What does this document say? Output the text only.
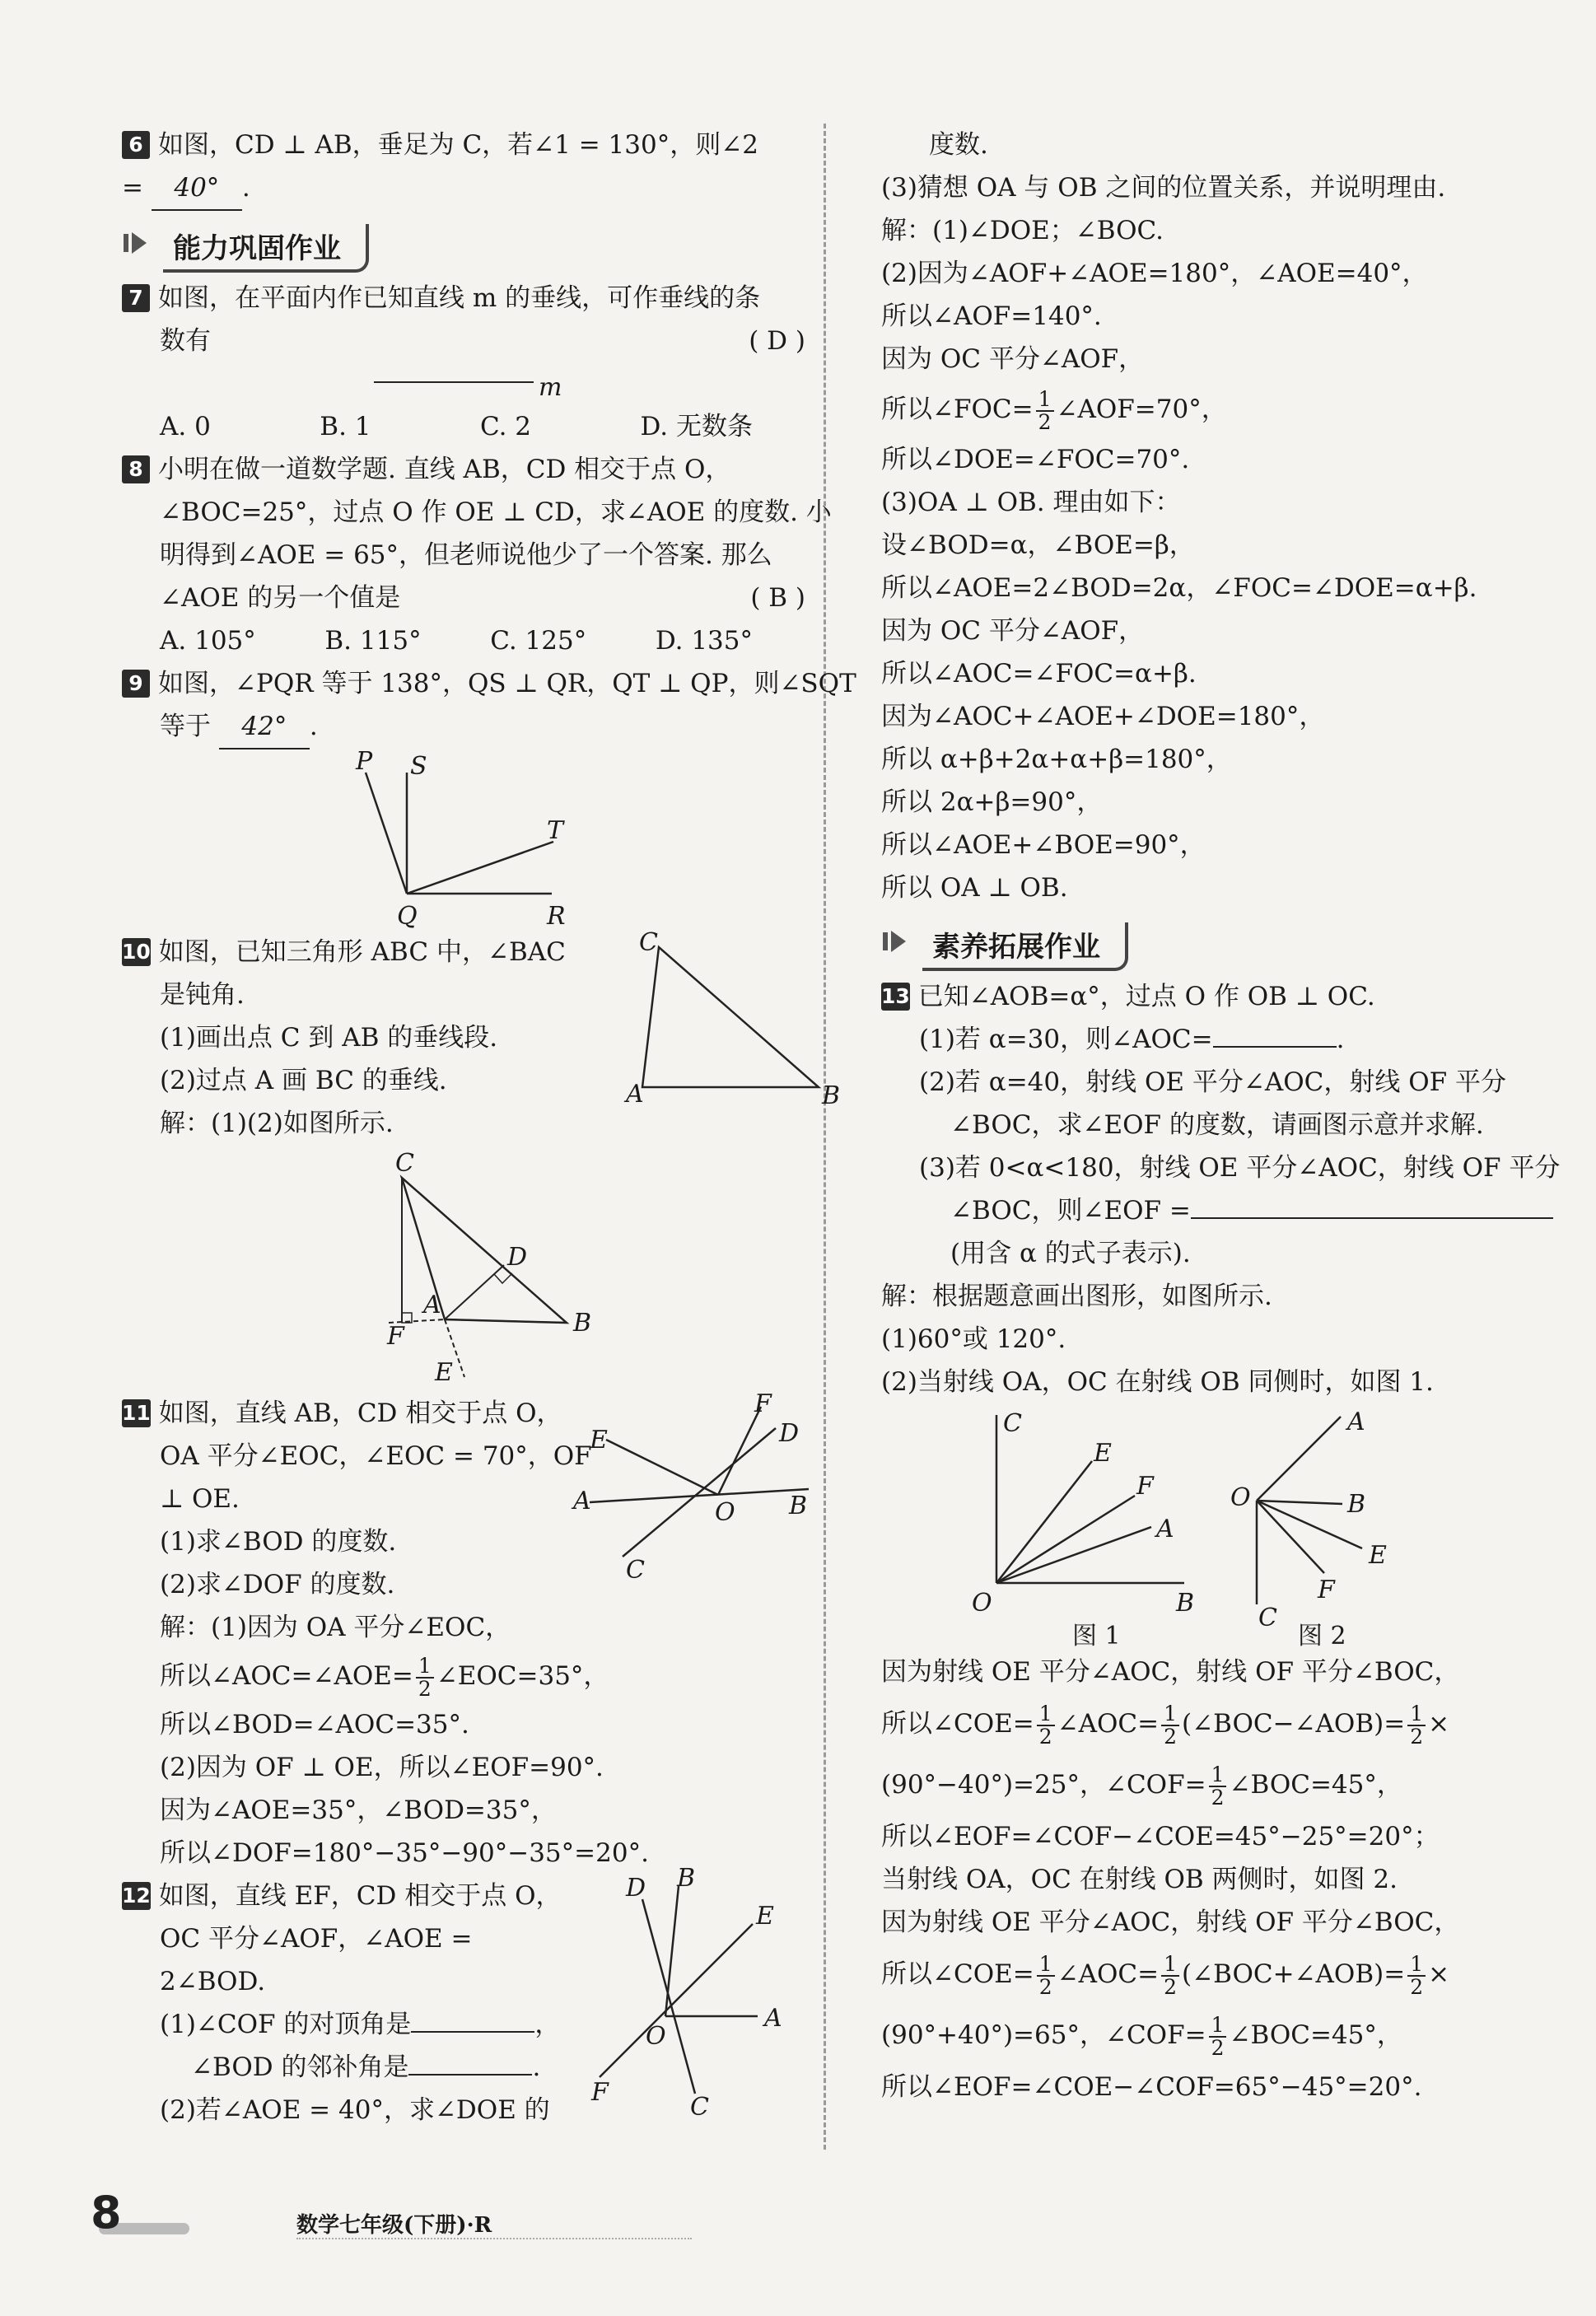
6 如图，CD ⊥ AB，垂足为 C，若∠1 = 130°，则∠2
= 40° .
能力巩固作业
7 如图，在平面内作已知直线 m 的垂线，可作垂线的条
数有	( D )
m
A. 0	B. 1	C. 2	D. 无数条
8 小明在做一道数学题. 直线 AB，CD 相交于点 O，
∠BOC=25°，过点 O 作 OE ⊥ CD，求∠AOE 的度数. 小
明得到∠AOE = 65°，但老师说他少了一个答案. 那么
∠AOE 的另一个值是	( B )
A. 105°	B. 115°	C. 125°	D. 135°
9 如图，∠PQR 等于 138°，QS ⊥ QR，QT ⊥ QP，则∠SQT
等于 42° .
P S
T
Q	R
10 如图，已知三角形 ABC 中，∠BAC
是钝角.
(1)画出点 C 到 AB 的垂线段.
(2)过点 A 画 BC 的垂线.
解：(1)(2)如图所示.
C
A	B
C
A
B
D
E
F
11 如图，直线 AB，CD 相交于点 O，
OA 平分∠EOC，∠EOC = 70°，OF
⊥ OE.
(1)求∠BOD 的度数.
(2)求∠DOF 的度数.
E
F
D
A	O B
C
解：(1)因为 OA 平分∠EOC，
所以∠AOC=∠AOE= $\frac{1}{2}$ ∠EOC=35°，
所以∠BOD=∠AOC=35°.
(2)因为 OF ⊥ OE，所以∠EOF=90°.
因为∠AOE=35°，∠BOD=35°，
所以∠DOF=180°−35°−90°−35°=20°.
12 如图，直线 EF，CD 相交于点 O，
OC 平分∠AOF，∠AOE =
2∠BOD.
(1)∠COF 的对顶角是	，
∠BOD 的邻补角是	.
(2)若∠AOE = 40°，求∠DOE 的
D B
E
A
O
F
C
度数.
(3)猜想 OA 与 OB 之间的位置关系，并说明理由.
解：(1)∠DOE；∠BOC.
(2)因为∠AOF+∠AOE=180°，∠AOE=40°，
所以∠AOF=140°.
因为 OC 平分∠AOF，
所以∠FOC= $\frac{1}{2}$ ∠AOF=70°，
所以∠DOE=∠FOC=70°.
(3)OA ⊥ OB. 理由如下：
设∠BOD=α，∠BOE=β，
所以∠AOE=2∠BOD=2α，∠FOC=∠DOE=α+β.
因为 OC 平分∠AOF，
所以∠AOC=∠FOC=α+β.
因为∠AOC+∠AOE+∠DOE=180°，
所以 α+β+2α+α+β=180°，
所以 2α+β=90°，
所以∠AOE+∠BOE=90°，
所以 OA ⊥ OB.
素养拓展作业
13 已知∠AOB=α°，过点 O 作 OB ⊥ OC.
(1)若 α=30，则∠AOC=	.
(2)若 α=40，射线 OE 平分∠AOC，射线 OF 平分
∠BOC，求∠EOF 的度数，请画图示意并求解.
(3)若 0<α<180，射线 OE 平分∠AOC，射线 OF 平分
∠BOC，则∠EOF =
(用含 α 的式子表示).
解：根据题意画出图形，如图所示.
(1)60°或 120°.
(2)当射线 OA，OC 在射线 OB 同侧时，如图 1.
C
E
F
A
O	B
图 1
A
O	B
E
F
C
图 2
因为射线 OE 平分∠AOC，射线 OF 平分∠BOC，
所以∠COE= $\frac{1}{2}$ ∠AOC= $\frac{1}{2}$ (∠BOC−∠AOB)= $\frac{1}{2}$ ×
(90°−40°)=25°，∠COF= $\frac{1}{2}$ ∠BOC=45°，
所以∠EOF=∠COF−∠COE=45°−25°=20°；
当射线 OA，OC 在射线 OB 两侧时，如图 2.
因为射线 OE 平分∠AOC，射线 OF 平分∠BOC，
所以∠COE= $\frac{1}{2}$ ∠AOC= $\frac{1}{2}$ (∠BOC+∠AOB)= $\frac{1}{2}$ ×
(90°+40°)=65°，∠COF= $\frac{1}{2}$ ∠BOC=45°，
所以∠EOF=∠COE−∠COF=65°−45°=20°.
8	数学七年级(下册)·R
